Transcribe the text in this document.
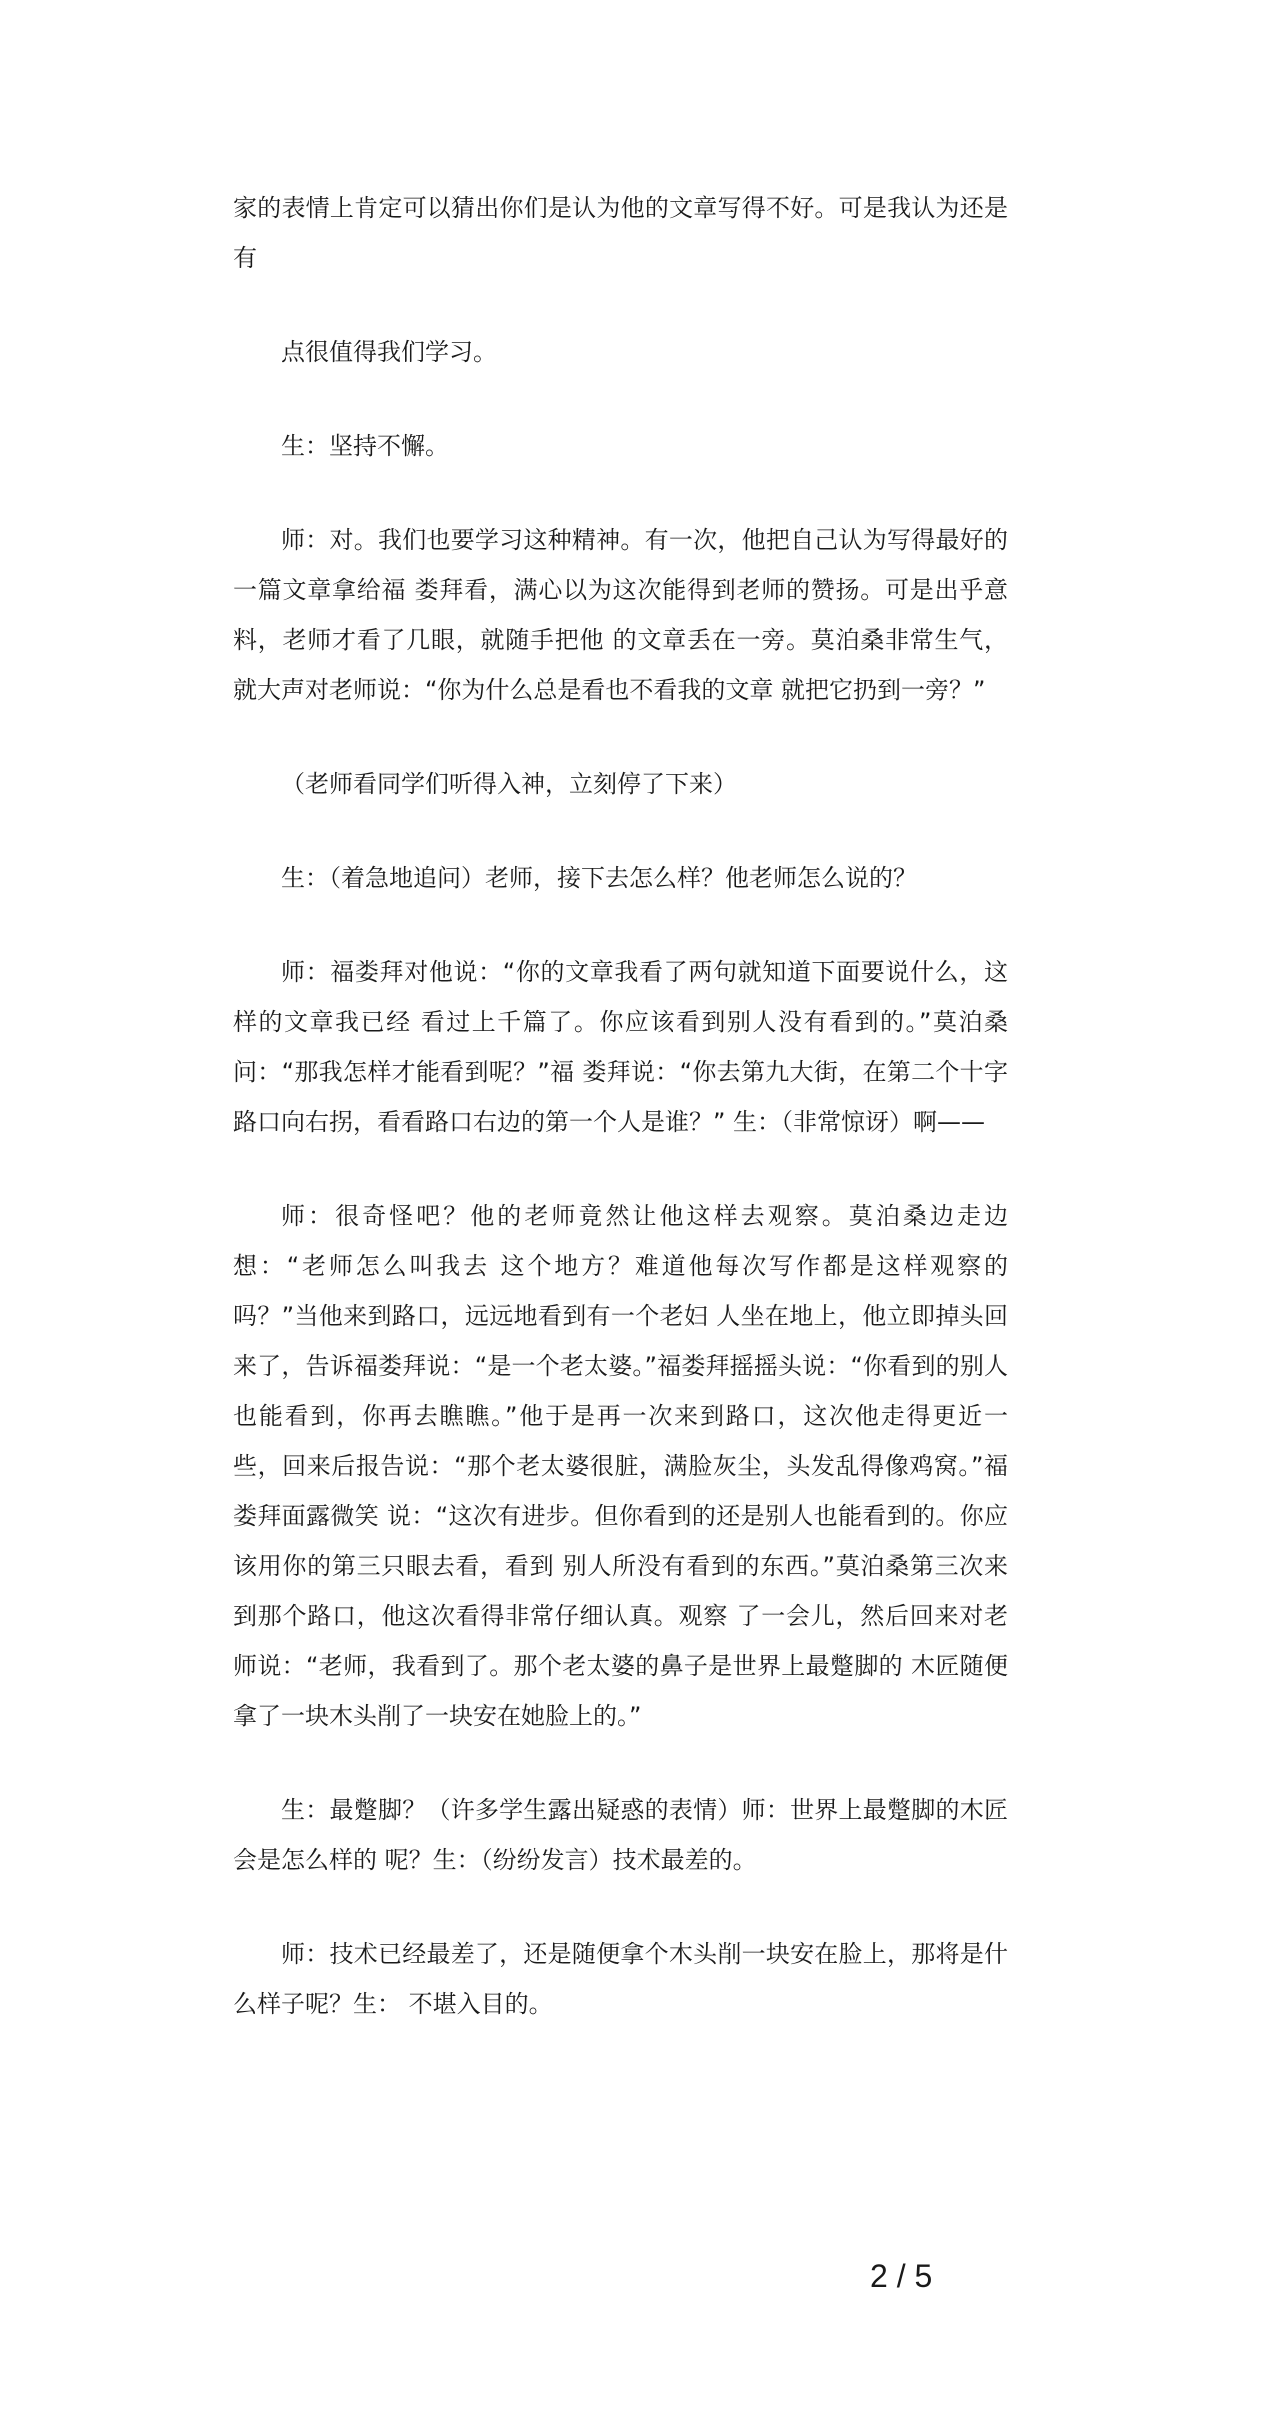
家的表情上肯定可以猜出你们是认为他的文章写得不好。可是我认为还是有

点很值得我们学习。

生：坚持不懈。

师：对。我们也要学习这种精神。有一次，他把自己认为写得最好的一篇文章拿给福 娄拜看，满心以为这次能得到老师的赞扬。可是出乎意料，老师才看了几眼，就随手把他 的文章丢在一旁。莫泊桑非常生气，就大声对老师说：“你为什么总是看也不看我的文章 就把它扔到一旁？”

（老师看同学们听得入神，立刻停了下来）

生：（着急地追问）老师，接下去怎么样？他老师怎么说的？

师：福娄拜对他说：“你的文章我看了两句就知道下面要说什么，这样的文章我已经 看过上千篇了。你应该看到别人没有看到的。”莫泊桑问：“那我怎样才能看到呢？”福 娄拜说：“你去第九大街，在第二个十字路口向右拐，看看路口右边的第一个人是谁？” 生：（非常惊讶）啊——

师：很奇怪吧？他的老师竟然让他这样去观察。莫泊桑边走边想：“老师怎么叫我去 这个地方？难道他每次写作都是这样观察的吗？”当他来到路口，远远地看到有一个老妇 人坐在地上，他立即掉头回来了，告诉福娄拜说：“是一个老太婆。”福娄拜摇摇头说：“你看到的别人也能看到，你再去瞧瞧。”他于是再一次来到路口，这次他走得更近一 些，回来后报告说：“那个老太婆很脏，满脸灰尘，头发乱得像鸡窝。”福娄拜面露微笑 说：“这次有进步。但你看到的还是别人也能看到的。你应该用你的第三只眼去看，看到 别人所没有看到的东西。”莫泊桑第三次来到那个路口，他这次看得非常仔细认真。观察 了一会儿，然后回来对老师说：“老师，我看到了。那个老太婆的鼻子是世界上最蹩脚的 木匠随便拿了一块木头削了一块安在她脸上的。”

生：最蹩脚？（许多学生露出疑惑的表情）师：世界上最蹩脚的木匠会是怎么样的 呢？生：（纷纷发言）技术最差的。

师：技术已经最差了，还是随便拿个木头削一块安在脸上，那将是什么样子呢？生： 不堪入目的。

2 / 5
